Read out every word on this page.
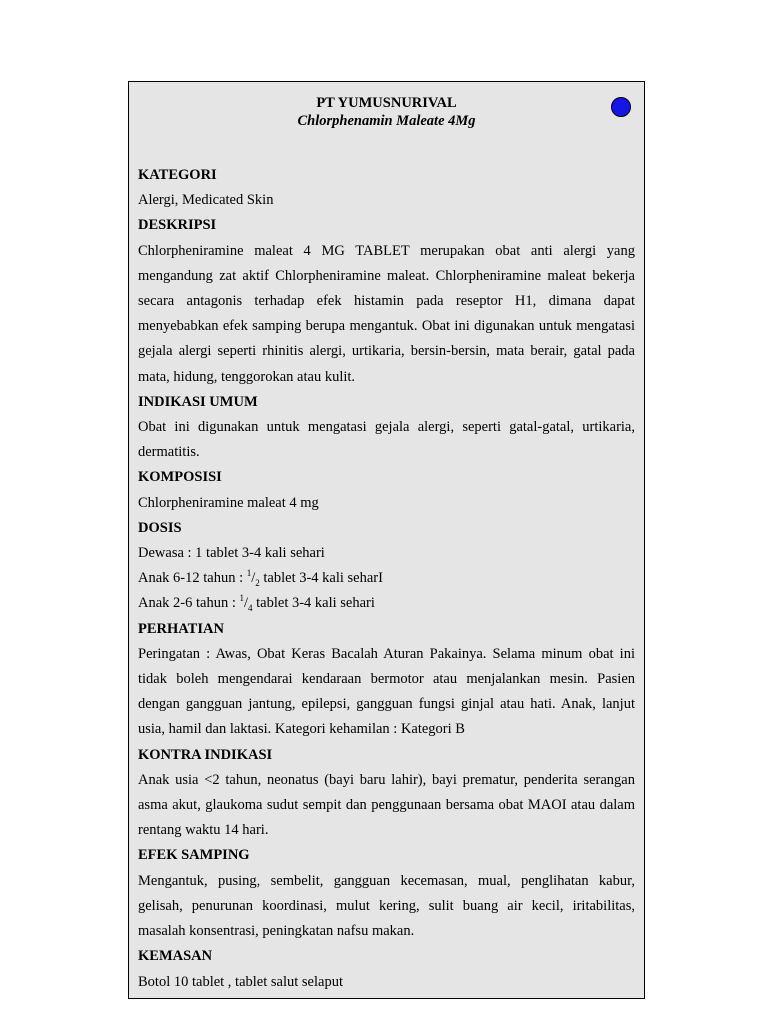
PT YUMUSNURIVAL
Chlorphenamin Maleate 4Mg
KATEGORI
Alergi, Medicated Skin
DESKRIPSI
Chlorpheniramine maleat 4 MG TABLET merupakan obat anti alergi yang mengandung zat aktif Chlorpheniramine maleat. Chlorpheniramine maleat bekerja secara antagonis terhadap efek histamin pada reseptor H1, dimana dapat menyebabkan efek samping berupa mengantuk. Obat ini digunakan untuk mengatasi gejala alergi seperti rhinitis alergi, urtikaria, bersin-bersin, mata berair, gatal pada mata, hidung, tenggorokan atau kulit.
INDIKASI UMUM
Obat ini digunakan untuk mengatasi gejala alergi, seperti gatal-gatal, urtikaria, dermatitis.
KOMPOSISI
Chlorpheniramine maleat 4 mg
DOSIS
Dewasa : 1 tablet 3-4 kali sehari
Anak 6-12 tahun : $^1/_2$ tablet 3-4 kali seharI
Anak 2-6 tahun : $^1/_4$ tablet 3-4 kali sehari
PERHATIAN
Peringatan : Awas, Obat Keras Bacalah Aturan Pakainya. Selama minum obat ini tidak boleh mengendarai kendaraan bermotor atau menjalankan mesin. Pasien dengan gangguan jantung, epilepsi, gangguan fungsi ginjal atau hati. Anak, lanjut usia, hamil dan laktasi. Kategori kehamilan : Kategori B
KONTRA INDIKASI
Anak usia <2 tahun, neonatus (bayi baru lahir), bayi prematur, penderita serangan asma akut, glaukoma sudut sempit dan penggunaan bersama obat MAOI atau dalam rentang waktu 14 hari.
EFEK SAMPING
Mengantuk, pusing, sembelit, gangguan kecemasan, mual, penglihatan kabur, gelisah, penurunan koordinasi, mulut kering, sulit buang air kecil, iritabilitas, masalah konsentrasi, peningkatan nafsu makan.
KEMASAN
Botol 10 tablet , tablet salut selaput
